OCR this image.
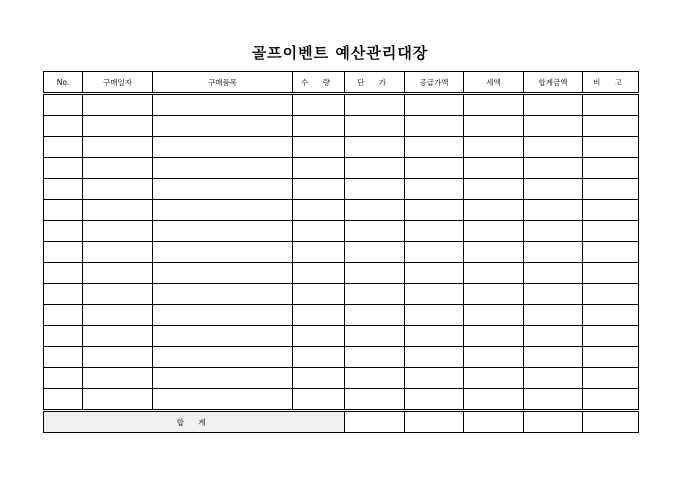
골프이벤트 예산관리대장
No.	구매일자	구매품목	수 량	단 가	공급가액	세액	합계금액	비 고

합 계								
